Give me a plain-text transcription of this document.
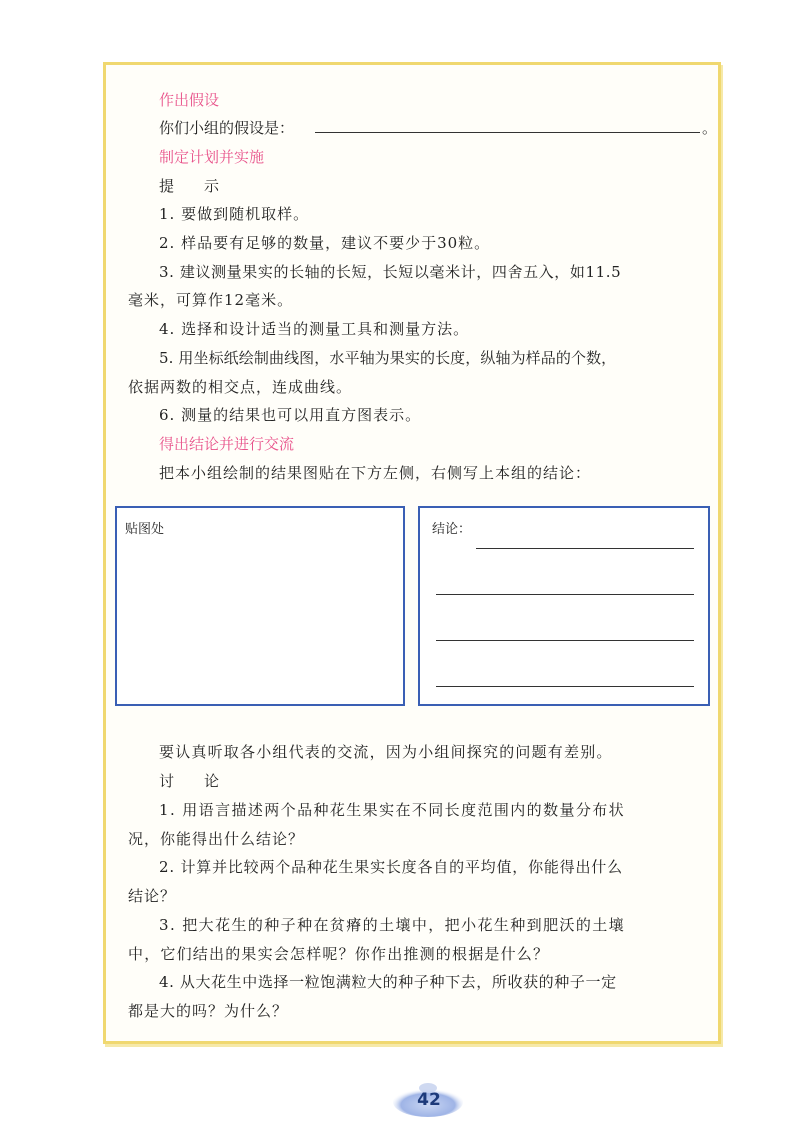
作出假设
你们小组的假设是：	。
制定计划并实施
提　　示
1. 要做到随机取样。
2. 样品要有足够的数量，建议不要少于30粒。
3. 建议测量果实的长轴的长短，长短以毫米计，四舍五入，如11.5
毫米，可算作12毫米。
4. 选择和设计适当的测量工具和测量方法。
5. 用坐标纸绘制曲线图，水平轴为果实的长度，纵轴为样品的个数，
依据两数的相交点，连成曲线。
6. 测量的结果也可以用直方图表示。
得出结论并进行交流
把本小组绘制的结果图贴在下方左侧，右侧写上本组的结论：
贴图处	结论：
要认真听取各小组代表的交流，因为小组间探究的问题有差别。
讨　　论
1. 用语言描述两个品种花生果实在不同长度范围内的数量分布状
况，你能得出什么结论？
2. 计算并比较两个品种花生果实长度各自的平均值，你能得出什么
结论？
3. 把大花生的种子种在贫瘠的土壤中，把小花生种到肥沃的土壤
中，它们结出的果实会怎样呢？你作出推测的根据是什么？
4. 从大花生中选择一粒饱满粒大的种子种下去，所收获的种子一定
都是大的吗？为什么？
42
